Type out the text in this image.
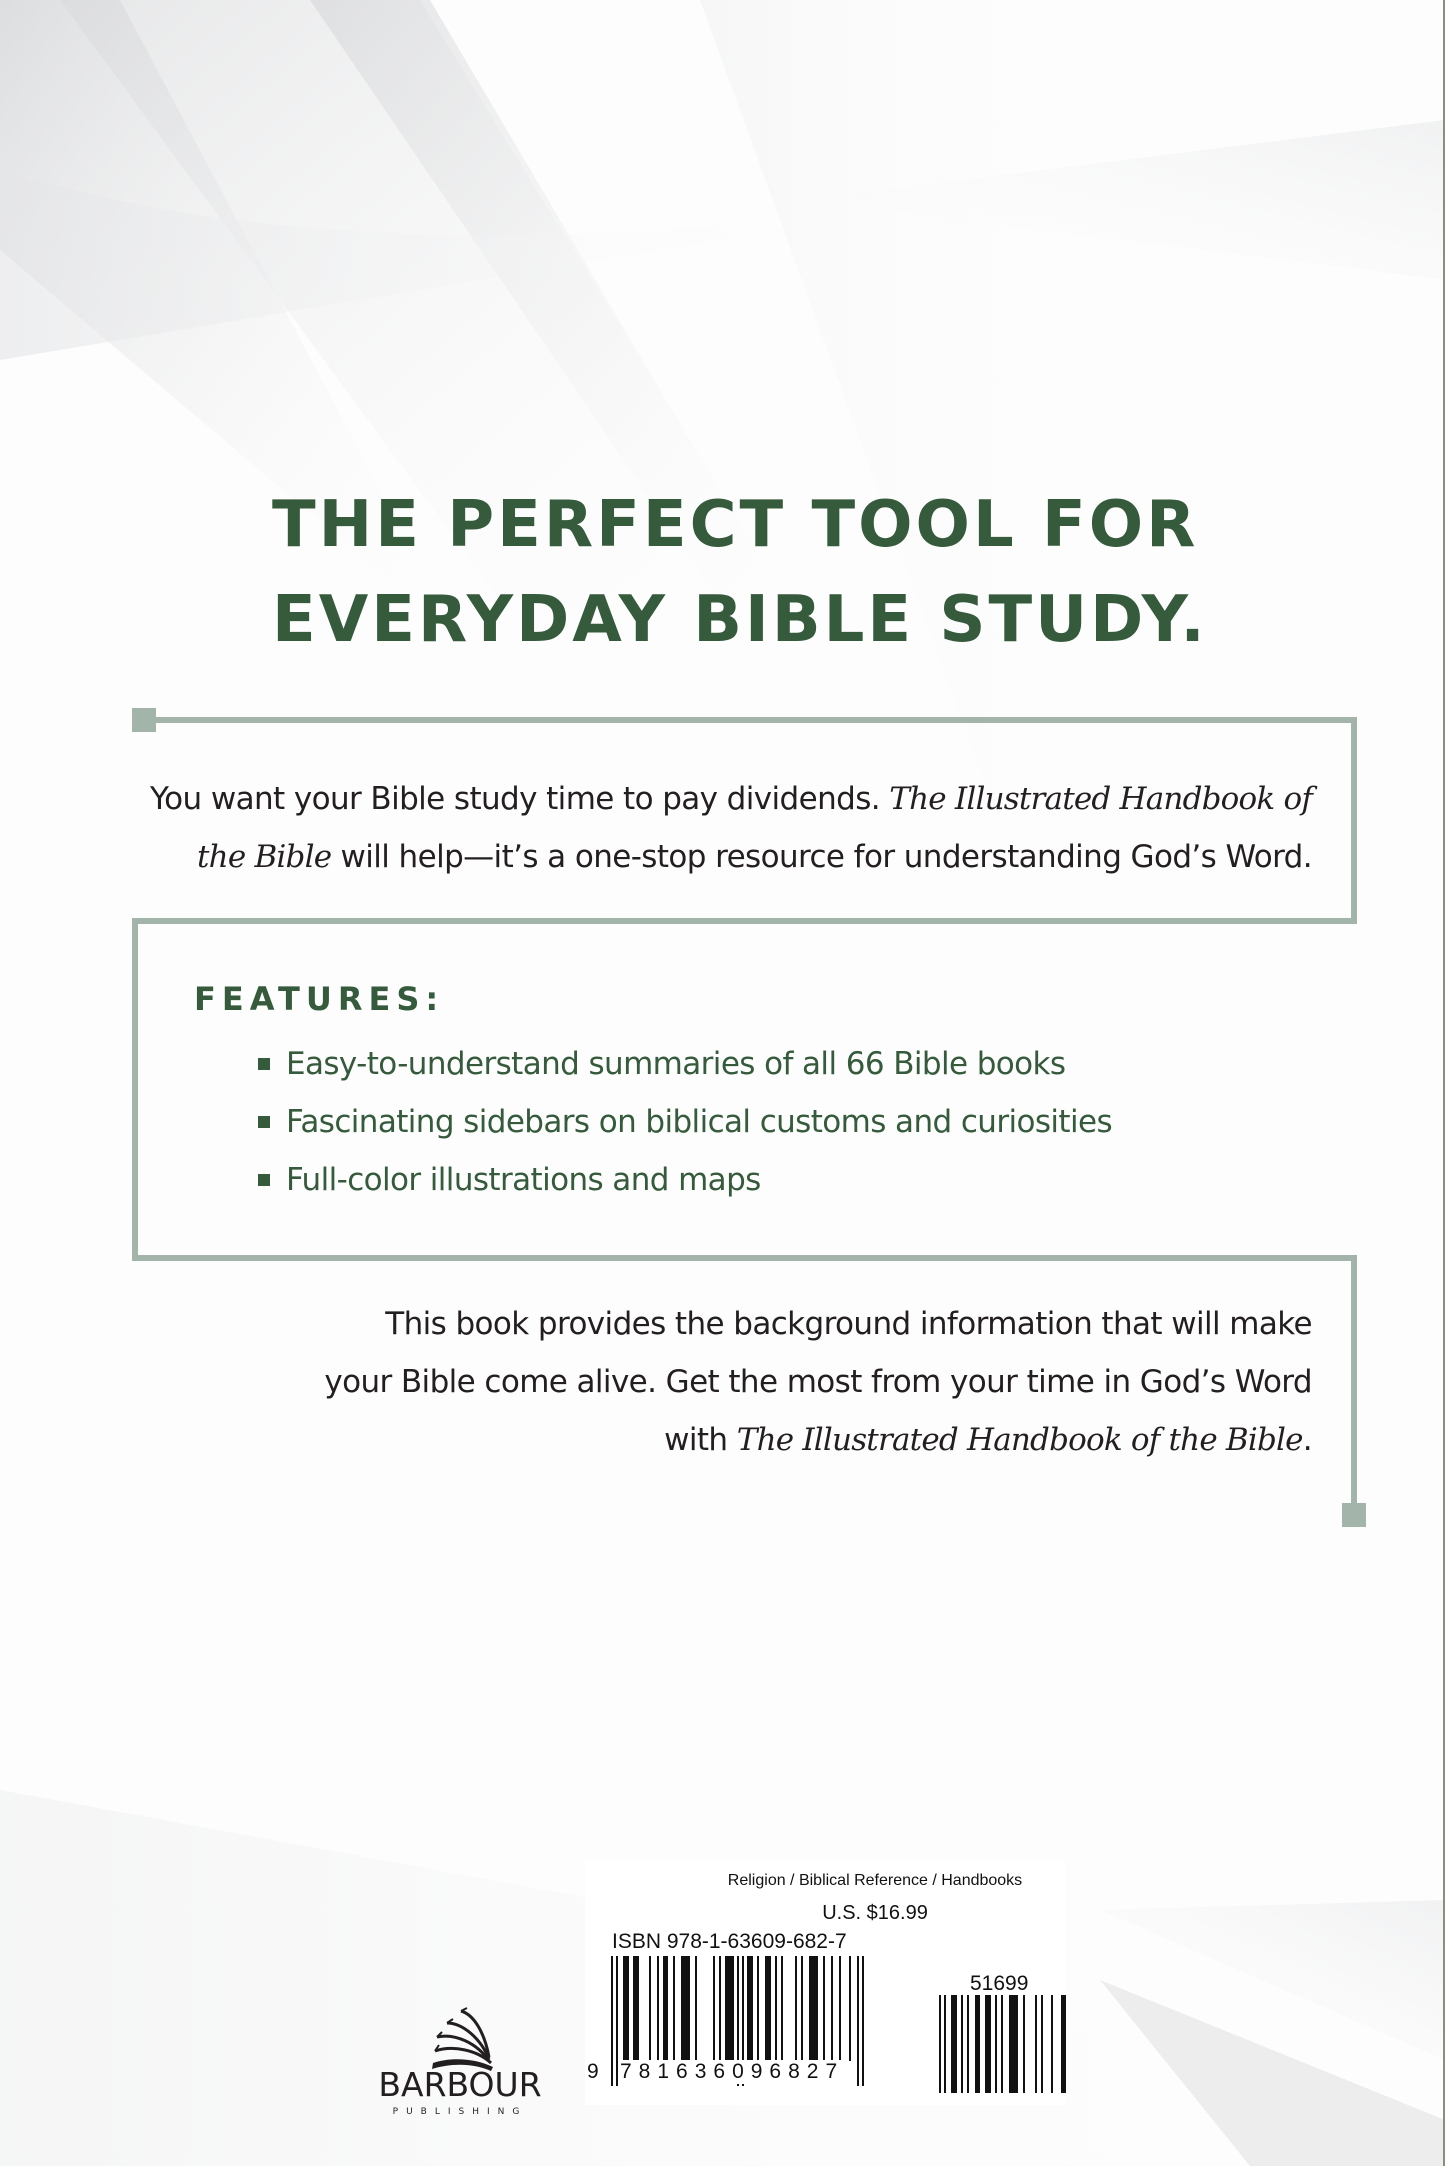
THE PERFECT TOOL FOR
EVERYDAY BIBLE STUDY.

You want your Bible study time to pay dividends. The Illustrated Handbook of
the Bible will help—it’s a one-stop resource for understanding God’s Word.

FEATURES:
Easy-to-understand summaries of all 66 Bible books
Fascinating sidebars on biblical customs and curiosities
Full-color illustrations and maps

This book provides the background information that will make
your Bible come alive. Get the most from your time in God’s Word
with The Illustrated Handbook of the Bible.

BARBOUR
PUBLISHING
Religion / Biblical Reference / Handbooks
U.S. $16.99
ISBN 978-1-63609-682-7
9 781636096827
51699
